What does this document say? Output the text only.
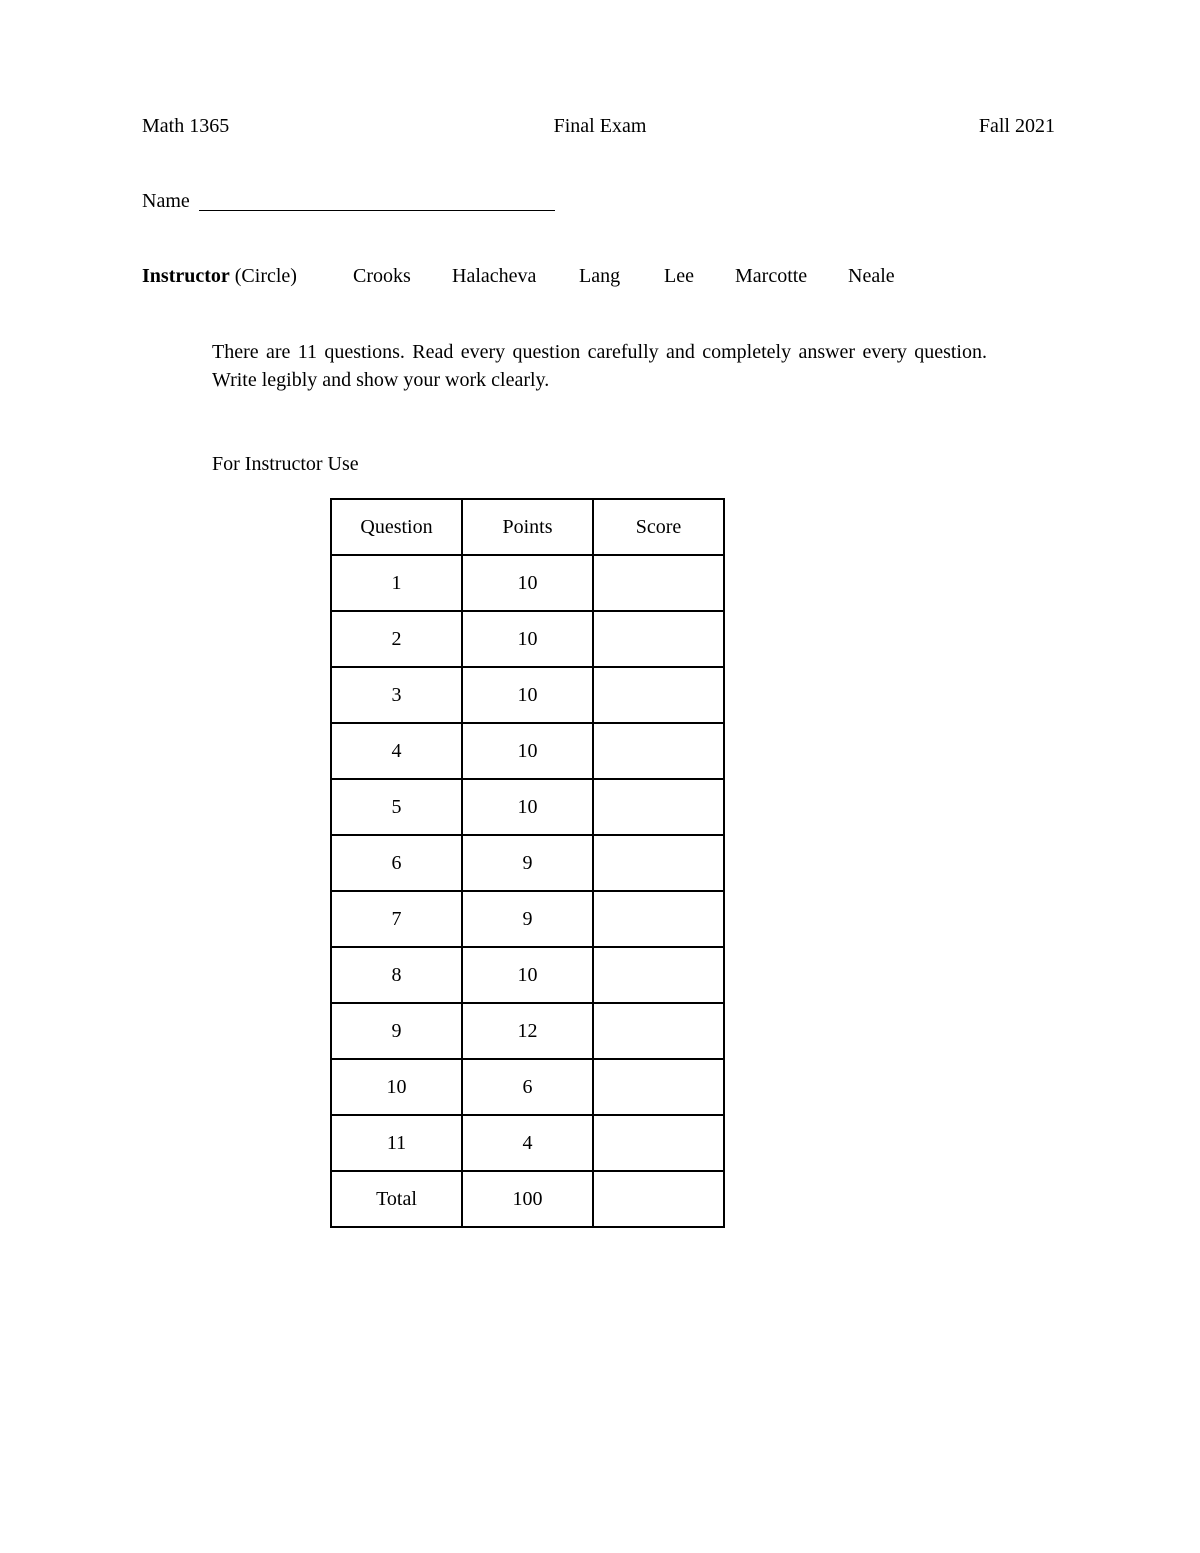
Math 1365	Final Exam	Fall 2021
Name
Instructor (Circle)	Crooks Halacheva Lang Lee Marcotte Neale
There are 11 questions. Read every question carefully and completely answer every question. Write legibly and show your work clearly.
For Instructor Use
Question	Points	Score
1	10	
2	10	
3	10	
4	10	
5	10	
6	9	
7	9	
8	10	
9	12	
10	6	
11	4	
Total	100	
